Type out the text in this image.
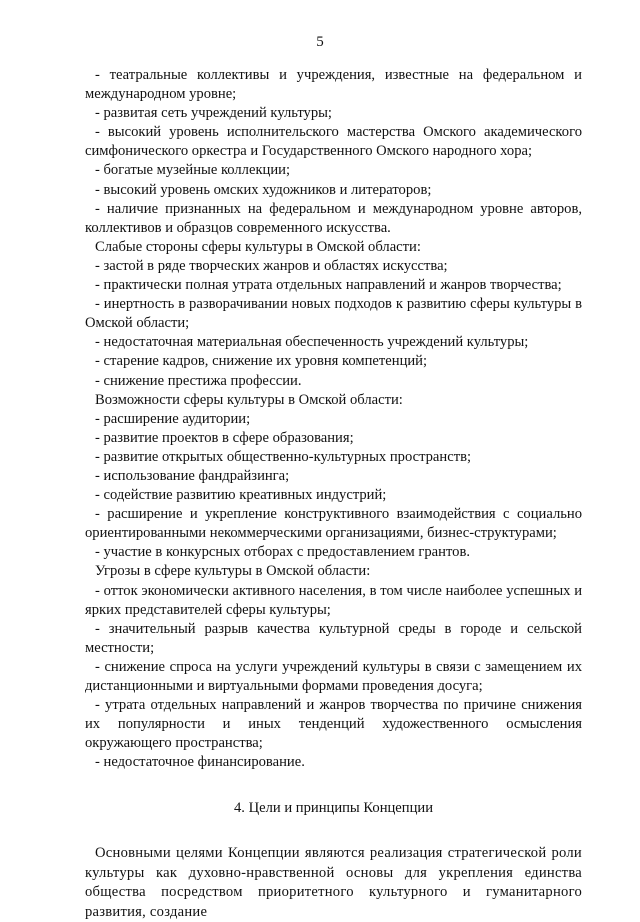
5

- театральные коллективы и учреждения, известные на федеральном и международном уровне;

- развитая сеть учреждений культуры;

- высокий уровень исполнительского мастерства Омского академического симфонического оркестра и Государственного Омского народного хора;

- богатые музейные коллекции;

- высокий уровень омских художников и литераторов;

- наличие признанных на федеральном и международном уровне авторов, коллективов и образцов современного искусства.

Слабые стороны сферы культуры в Омской области:

- застой в ряде творческих жанров и областях искусства;

- практически полная утрата отдельных направлений и жанров творчества;

- инертность в разворачивании новых подходов к развитию сферы культуры в Омской области;

- недостаточная материальная обеспеченность учреждений культуры;

- старение кадров, снижение их уровня компетенций;

- снижение престижа профессии.

Возможности сферы культуры в Омской области:

- расширение аудитории;

- развитие проектов в сфере образования;

- развитие открытых общественно-культурных пространств;

- использование фандрайзинга;

- содействие развитию креативных индустрий;

- расширение и укрепление конструктивного взаимодействия с социально ориентированными некоммерческими организациями, бизнес-структурами;

- участие в конкурсных отборах с предоставлением грантов.

Угрозы в сфере культуры в Омской области:

- отток экономически активного населения, в том числе наиболее успешных и ярких представителей сферы культуры;

- значительный разрыв качества культурной среды в городе и сельской местности;

- снижение спроса на услуги учреждений культуры в связи с замещением их дистанционными и виртуальными формами проведения досуга;

- утрата отдельных направлений и жанров творчества по причине снижения их популярности и иных тенденций художественного осмысления окружающего пространства;

- недостаточное финансирование.

4. Цели и принципы Концепции

Основными целями Концепции являются реализация стратегической роли культуры как духовно-нравственной основы для укрепления единства общества посредством приоритетного культурного и гуманитарного развития, создание
